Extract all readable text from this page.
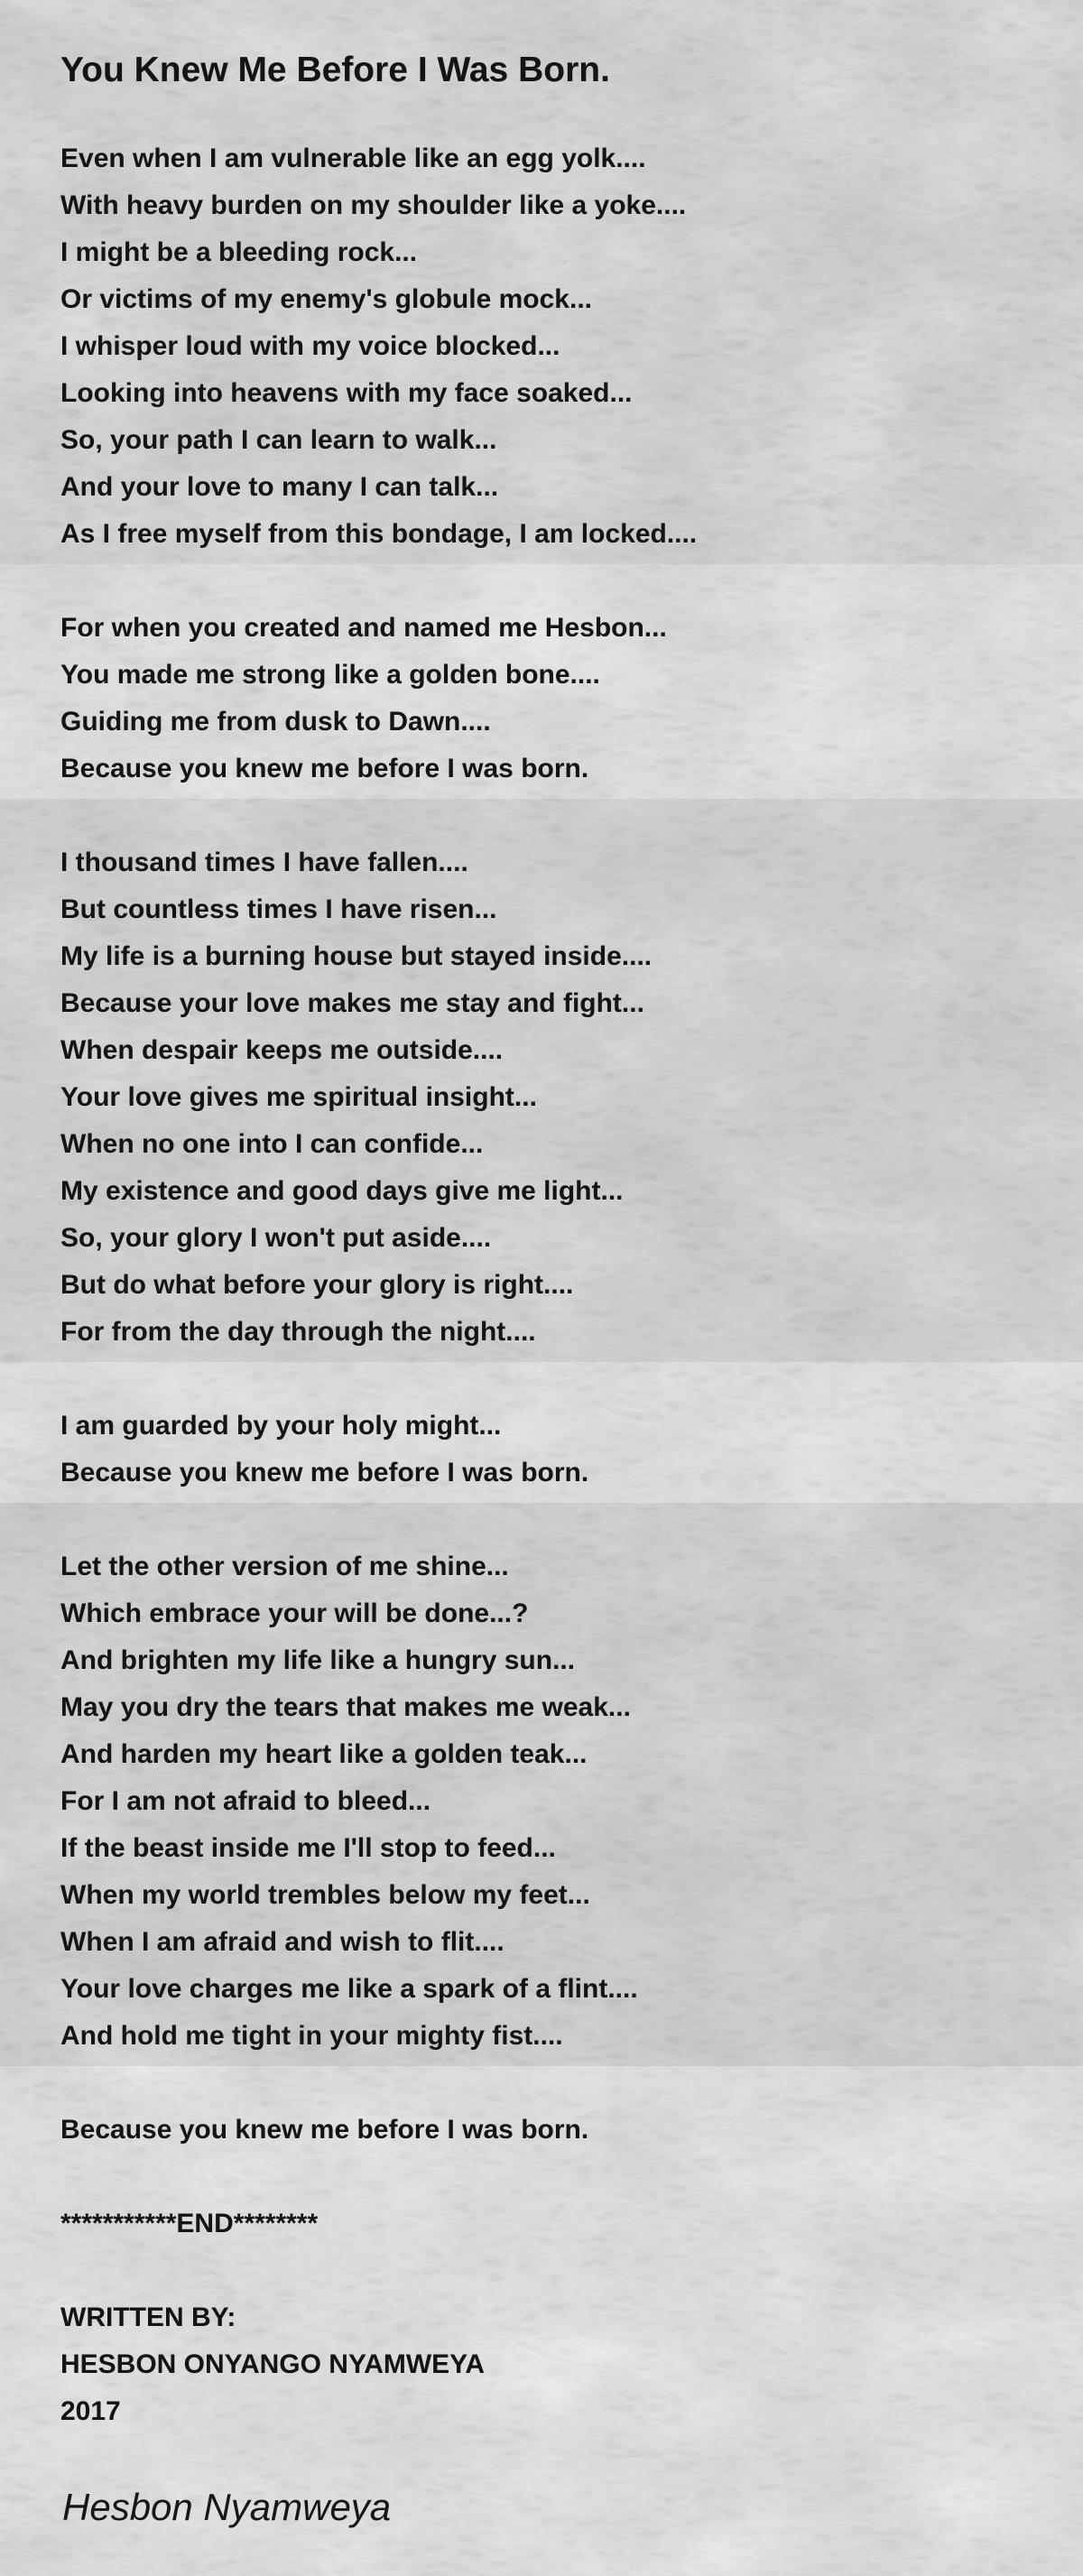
You Knew Me Before I Was Born.
Even when I am vulnerable like an egg yolk....
With heavy burden on my shoulder like a yoke....
I might be a bleeding rock...
Or victims of my enemy's globule mock...
I whisper loud with my voice blocked...
Looking into heavens with my face soaked...
So, your path I can learn to walk...
And your love to many I can talk...
As I free myself from this bondage, I am locked....
For when you created and named me Hesbon...
You made me strong like a golden bone....
Guiding me from dusk to Dawn....
Because you knew me before I was born.
I thousand times I have fallen....
But countless times I have risen...
My life is a burning house but stayed inside....
Because your love makes me stay and fight...
When despair keeps me outside....
Your love gives me spiritual insight...
When no one into I can confide...
My existence and good days give me light...
So, your glory I won't put aside....
But do what before your glory is right....
For from the day through the night....
I am guarded by your holy might...
Because you knew me before I was born.
Let the other version of me shine...
Which embrace your will be done...?
And brighten my life like a hungry sun...
May you dry the tears that makes me weak...
And harden my heart like a golden teak...
For I am not afraid to bleed...
If the beast inside me I'll stop to feed...
When my world trembles below my feet...
When I am afraid and wish to flit....
Your love charges me like a spark of a flint....
And hold me tight in your mighty fist....
Because you knew me before I was born.
***********END********
WRITTEN BY:
HESBON ONYANGO NYAMWEYA
2017
Hesbon Nyamweya
